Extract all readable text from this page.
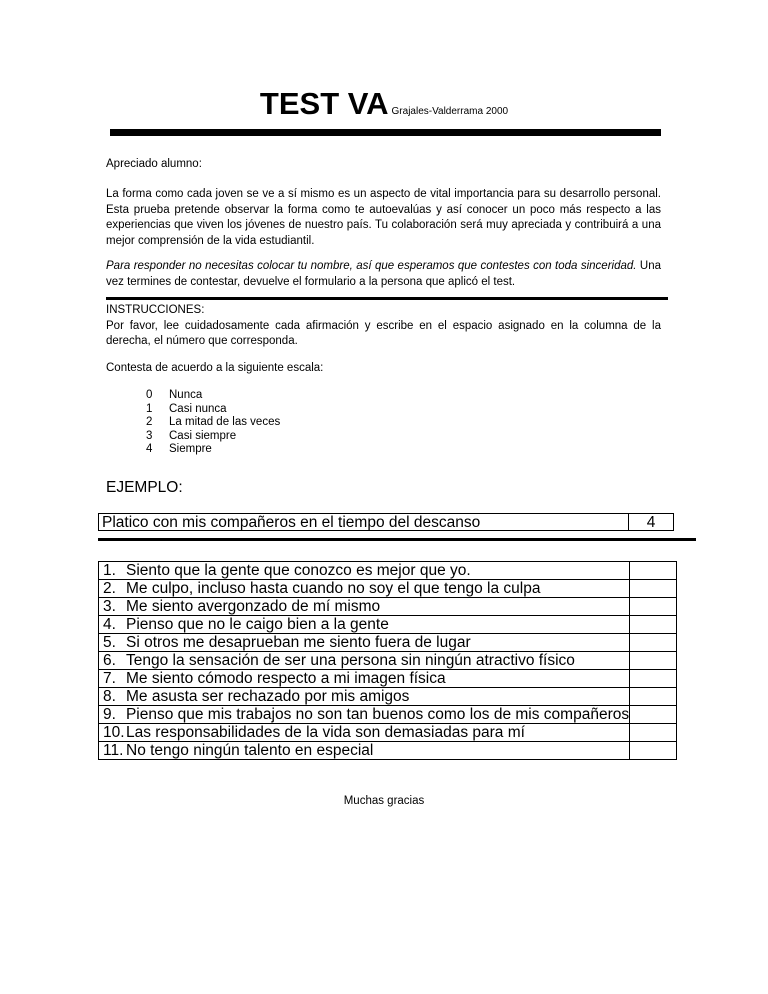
TEST VA Grajales-Valderrama 2000
Apreciado alumno:
La forma como cada joven se ve a sí mismo es un aspecto de vital importancia para su desarrollo personal. Esta prueba pretende observar la forma como te autoevalúas y así conocer un poco más respecto a las experiencias que viven los jóvenes de nuestro país. Tu colaboración será muy apreciada y contribuirá a una mejor comprensión de la vida estudiantil.
Para responder no necesitas colocar tu nombre, así que esperamos que contestes con toda sinceridad. Una vez termines de contestar, devuelve el formulario a la persona que aplicó el test.
INSTRUCCIONES:
Por favor, lee cuidadosamente cada afirmación y escribe en el espacio asignado en la columna de la derecha, el número que corresponda.
Contesta de acuerdo a la siguiente escala:
0	Nunca
1	Casi nunca
2	La mitad de las veces
3	Casi siempre
4	Siempre
EJEMPLO:
Platico con mis compañeros en el tiempo del descanso	4
1. Siento que la gente que conozco es mejor que yo.
2. Me culpo, incluso hasta cuando no soy el que tengo la culpa
3. Me siento avergonzado de mí mismo
4. Pienso que no le caigo bien a la gente
5. Si otros me desaprueban me siento fuera de lugar
6. Tengo la sensación de ser una persona sin ningún atractivo físico
7. Me siento cómodo respecto a mi imagen física
8. Me asusta ser rechazado por mis amigos
9. Pienso que mis trabajos no son tan buenos como los de mis compañeros
10. Las responsabilidades de la vida son demasiadas para mí
11. No tengo ningún talento en especial
Muchas gracias
